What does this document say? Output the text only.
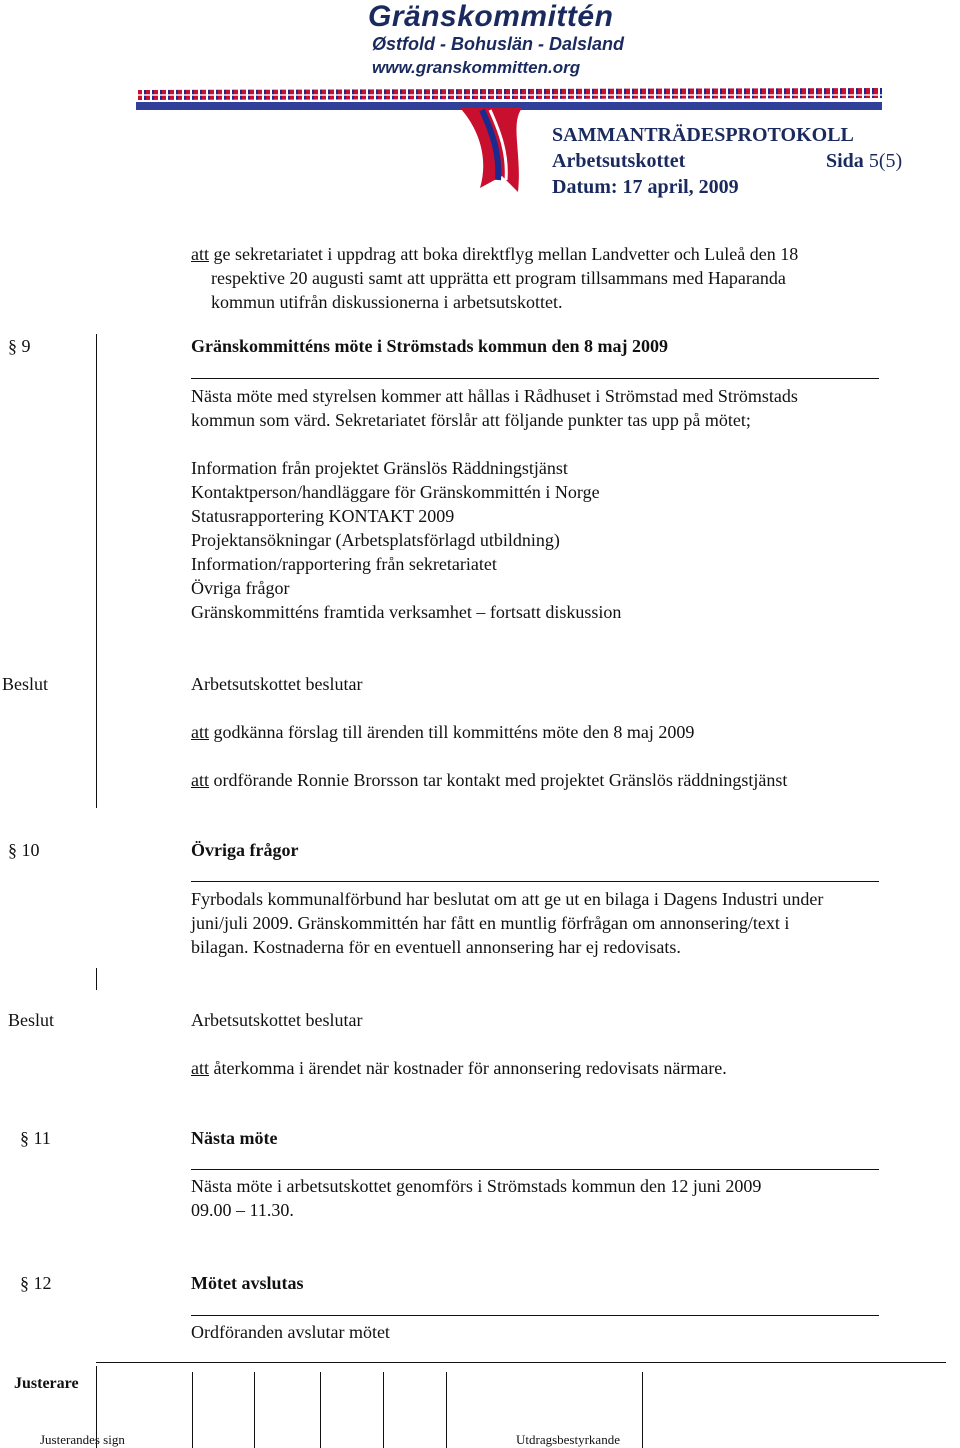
Gränskommittén
Østfold - Bohuslän - Dalsland
www.granskommitten.org
SAMMANTRÄDESPROTOKOLL
Arbetsutskottet	Sida 5(5)
Datum: 17 april, 2009
att ge sekretariatet i uppdrag att boka direktflyg mellan Landvetter och Luleå den 18
respektive 20 augusti samt att upprätta ett program tillsammans med Haparanda
kommun utifrån diskussionerna i arbetsutskottet.
§ 9	Gränskommitténs möte i Strömstads kommun den 8 maj 2009
Nästa möte med styrelsen kommer att hållas i Rådhuset i Strömstad med Strömstads
kommun som värd. Sekretariatet förslår att följande punkter tas upp på mötet;
Information från projektet Gränslös Räddningstjänst
Kontaktperson/handläggare för Gränskommittén i Norge
Statusrapportering KONTAKT 2009
Projektansökningar (Arbetsplatsförlagd utbildning)
Information/rapportering från sekretariatet
Övriga frågor
Gränskommitténs framtida verksamhet – fortsatt diskussion
Beslut	Arbetsutskottet beslutar
att godkänna förslag till ärenden till kommitténs möte den 8 maj 2009
att ordförande Ronnie Brorsson tar kontakt med projektet Gränslös räddningstjänst
§ 10	Övriga frågor
Fyrbodals kommunalförbund har beslutat om att ge ut en bilaga i Dagens Industri under
juni/juli 2009. Gränskommittén har fått en muntlig förfrågan om annonsering/text i
bilagan. Kostnaderna för en eventuell annonsering har ej redovisats.
Beslut	Arbetsutskottet beslutar
att återkomma i ärendet när kostnader för annonsering redovisats närmare.
§ 11	Nästa möte
Nästa möte i arbetsutskottet genomförs i Strömstads kommun den 12 juni 2009
09.00 – 11.30.
§ 12	Mötet avslutas
Ordföranden avslutar mötet
Justerare
Justerandes sign	Utdragsbestyrkande
